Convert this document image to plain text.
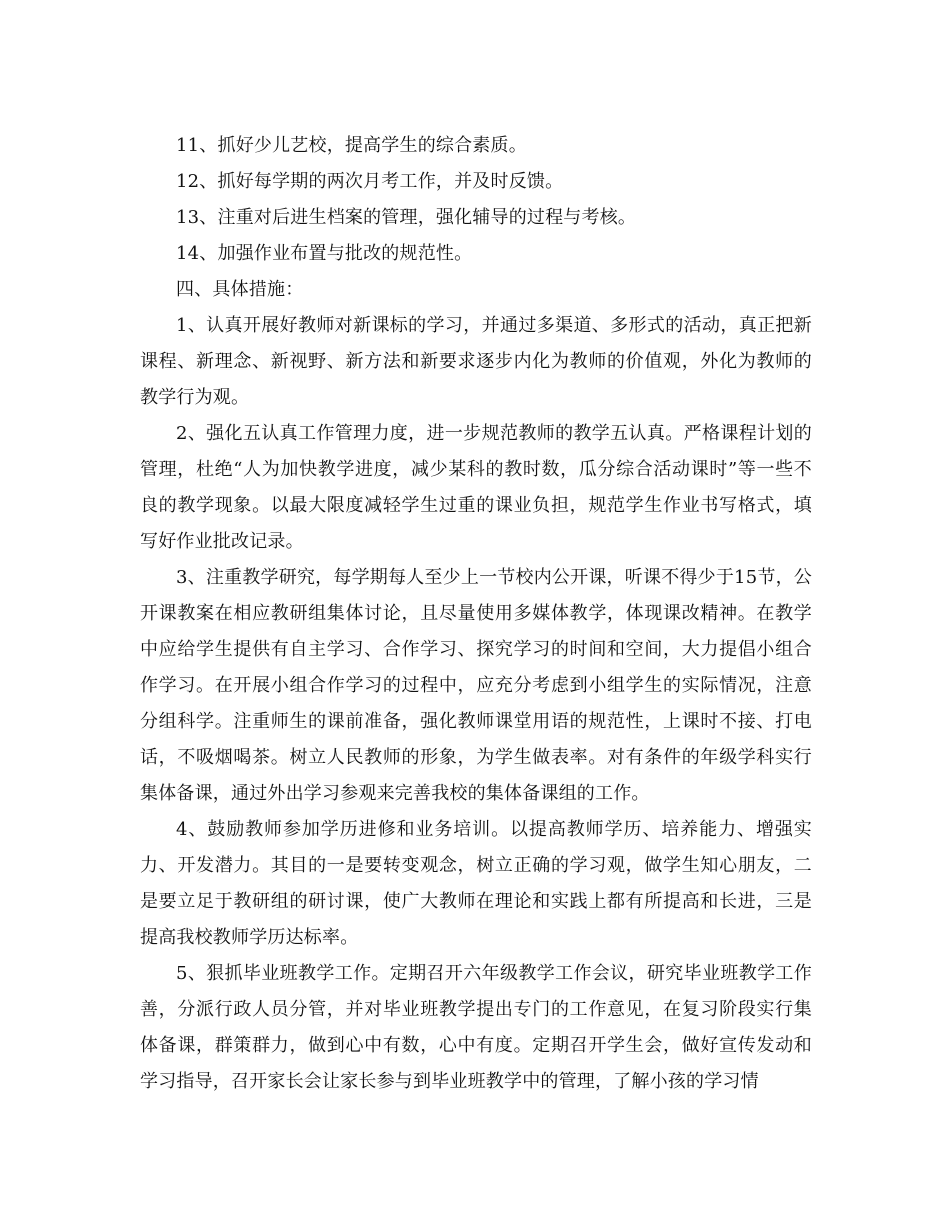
11、抓好少儿艺校，提高学生的综合素质。

12、抓好每学期的两次月考工作，并及时反馈。

13、注重对后进生档案的管理，强化辅导的过程与考核。

14、加强作业布置与批改的规范性。

四、具体措施：

1、认真开展好教师对新课标的学习，并通过多渠道、多形式的活动，真正把新课程、新理念、新视野、新方法和新要求逐步内化为教师的价值观，外化为教师的教学行为观。

2、强化五认真工作管理力度，进一步规范教师的教学五认真。严格课程计划的管理，杜绝“人为加快教学进度，减少某科的教时数，瓜分综合活动课时”等一些不良的教学现象。以最大限度减轻学生过重的课业负担，规范学生作业书写格式，填写好作业批改记录。

3、注重教学研究，每学期每人至少上一节校内公开课，听课不得少于15节，公开课教案在相应教研组集体讨论，且尽量使用多媒体教学，体现课改精神。在教学中应给学生提供有自主学习、合作学习、探究学习的时间和空间，大力提倡小组合作学习。在开展小组合作学习的过程中，应充分考虑到小组学生的实际情况，注意分组科学。注重师生的课前准备，强化教师课堂用语的规范性，上课时不接、打电话，不吸烟喝茶。树立人民教师的形象，为学生做表率。对有条件的年级学科实行集体备课，通过外出学习参观来完善我校的集体备课组的工作。

4、鼓励教师参加学历进修和业务培训。以提高教师学历、培养能力、增强实力、开发潜力。其目的一是要转变观念，树立正确的学习观，做学生知心朋友，二是要立足于教研组的研讨课，使广大教师在理论和实践上都有所提高和长进，三是提高我校教师学历达标率。

5、狠抓毕业班教学工作。定期召开六年级教学工作会议，研究毕业班教学工作善，分派行政人员分管，并对毕业班教学提出专门的工作意见，在复习阶段实行集体备课，群策群力，做到心中有数，心中有度。定期召开学生会，做好宣传发动和学习指导，召开家长会让家长参与到毕业班教学中的管理，了解小孩的学习情
